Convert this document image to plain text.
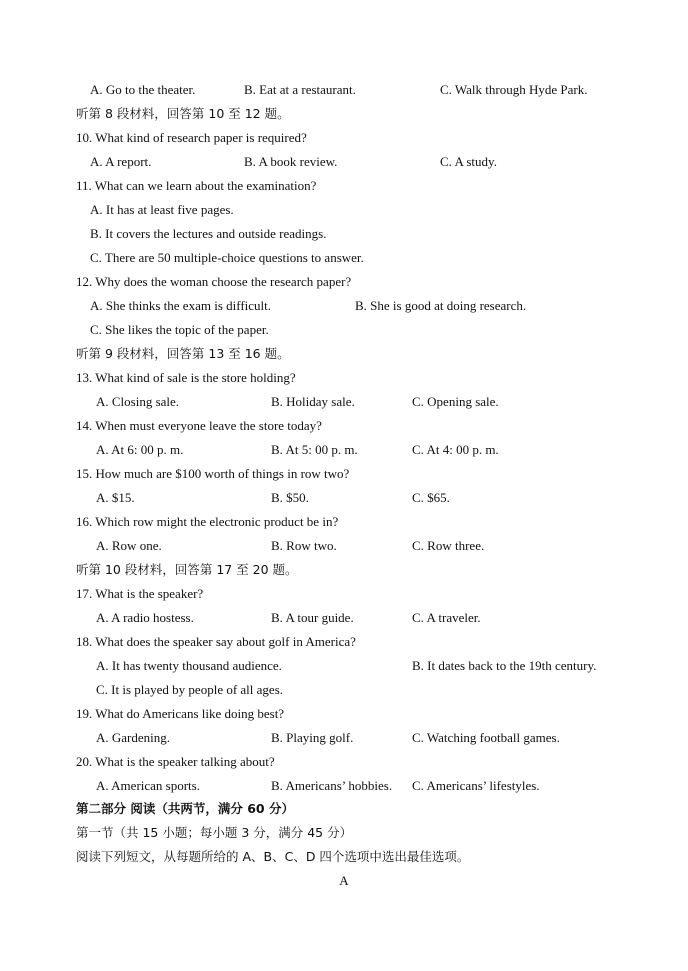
A. Go to the theater.	B. Eat at a restaurant.	C. Walk through Hyde Park.
听第 8 段材料，回答第 10 至 12 题。
10. What kind of research paper is required?
A. A report.	B. A book review.	C. A study.
11. What can we learn about the examination?
A. It has at least five pages.
B. It covers the lectures and outside readings.
C. There are 50 multiple-choice questions to answer.
12. Why does the woman choose the research paper?
A. She thinks the exam is difficult.	B. She is good at doing research.
C. She likes the topic of the paper.
听第 9 段材料，回答第 13 至 16 题。
13. What kind of sale is the store holding?
A. Closing sale.	B. Holiday sale.	C. Opening sale.
14. When must everyone leave the store today?
A. At 6: 00 p. m.	B. At 5: 00 p. m.	C. At 4: 00 p. m.
15. How much are $100 worth of things in row two?
A. $15.	B. $50.	C. $65.
16. Which row might the electronic product be in?
A. Row one.	B. Row two.	C. Row three.
听第 10 段材料，回答第 17 至 20 题。
17. What is the speaker?
A. A radio hostess.	B. A tour guide.	C. A traveler.
18. What does the speaker say about golf in America?
A. It has twenty thousand audience.	B. It dates back to the 19th century.
C. It is played by people of all ages.
19. What do Americans like doing best?
A. Gardening.	B. Playing golf.	C. Watching football games.
20. What is the speaker talking about?
A. American sports.	B. Americans’ hobbies. C. Americans’ lifestyles.
第二部分 阅读（共两节，满分 60 分）
第一节（共 15 小题；每小题 3 分，满分 45 分）
阅读下列短文，从每题所给的 A、B、C、D 四个选项中选出最佳选项。
A
